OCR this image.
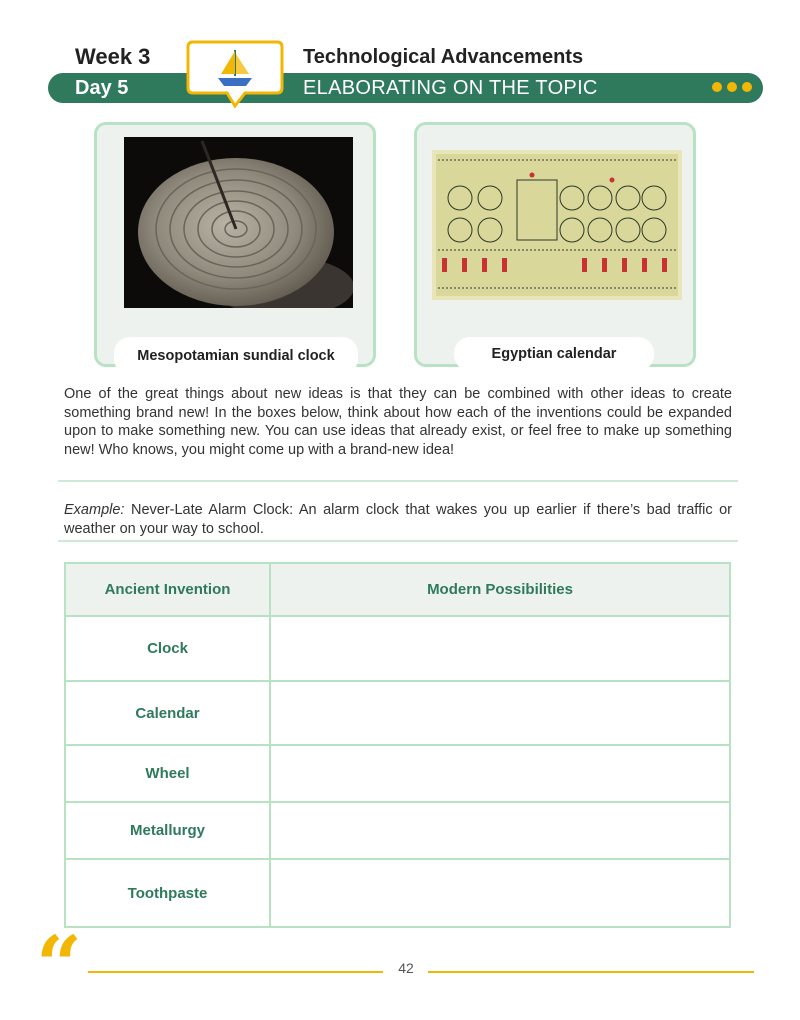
Week 3	Technological Advancements
Day 5	ELABORATING ON THE TOPIC
Mesopotamian sundial clock	Egyptian calendar
One of the great things about new ideas is that they can be combined with other ideas to create something brand new! In the boxes below, think about how each of the inventions could be expanded upon to make something new. You can use ideas that already exist, or feel free to make up something new! Who knows, you might come up with a brand-new idea!
Example: Never-Late Alarm Clock: An alarm clock that wakes you up earlier if there’s bad traffic or weather on your way to school.
Ancient Invention	Modern Possibilities
Clock
Calendar
Wheel
Metallurgy
Toothpaste
“	42
